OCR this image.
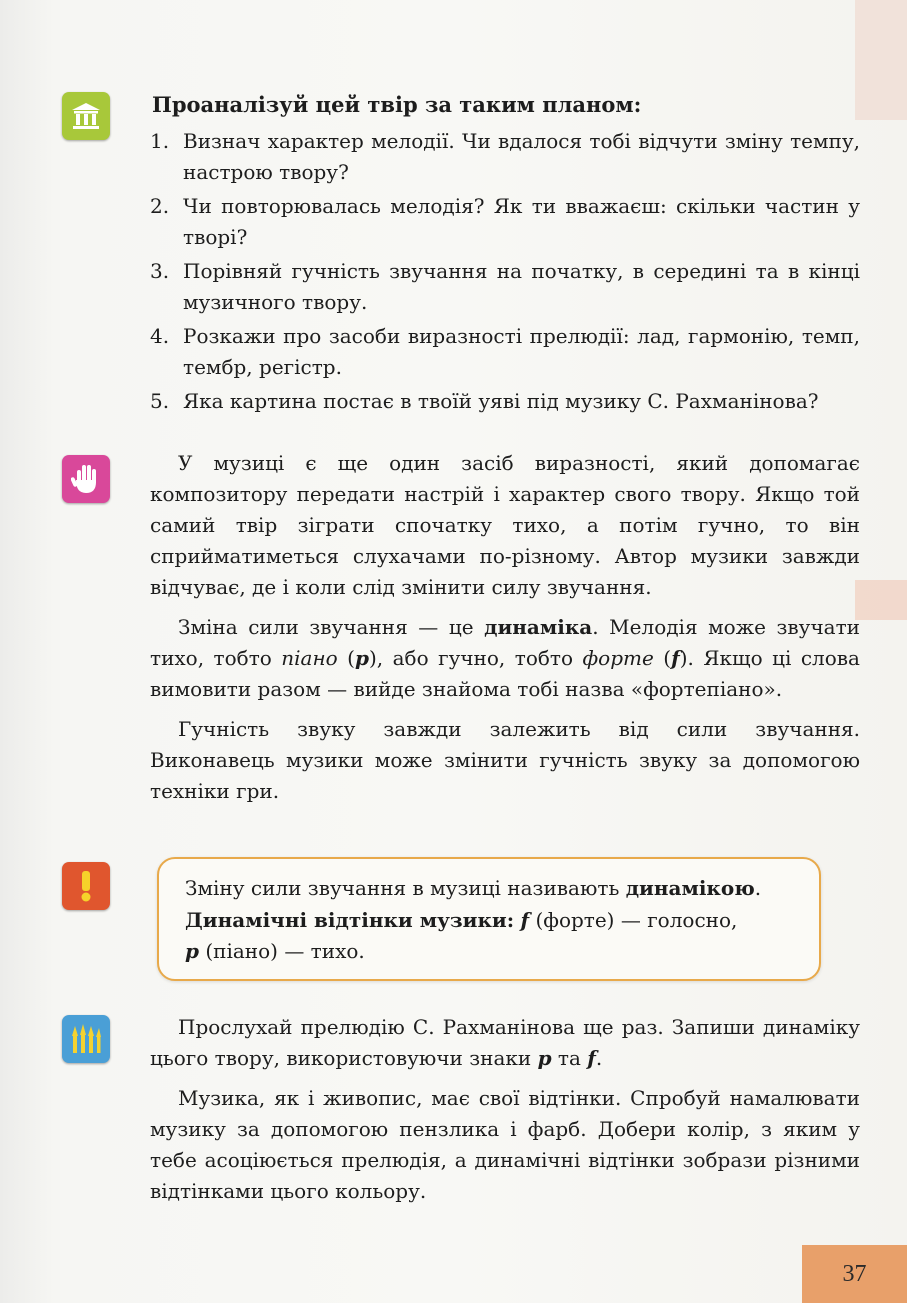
Проаналізуй цей твір за таким планом:
1. Визнач характер мелодії. Чи вдалося тобі відчути зміну темпу, настрою твору?
2. Чи повторювалась мелодія? Як ти вважаєш: скільки частин у творі?
3. Порівняй гучність звучання на початку, в середині та в кінці музичного твору.
4. Розкажи про засоби виразності прелюдії: лад, гармонію, темп, тембр, регістр.
5. Яка картина постає в твоїй уяві під музику С. Рахманінова?

У музиці є ще один засіб виразності, який допомагає композитору передати настрій і характер свого твору. Якщо той самий твір зіграти спочатку тихо, а потім гучно, то він сприйматиметься слухачами по-різному. Автор музики завжди відчуває, де і коли слід змінити силу звучання.

Зміна сили звучання — це динаміка. Мелодія може звучати тихо, тобто піано (p), або гучно, тобто форте (f). Якщо ці слова вимовити разом — вийде знайома тобі назва «фортепіано».

Гучність звуку завжди залежить від сили звучання. Виконавець музики може змінити гучність звуку за допомогою техніки гри.

Зміну сили звучання в музиці називають динамікою.
Динамічні відтінки музики: f (форте) — голосно,
p (піано) — тихо.

Прослухай прелюдію С. Рахманінова ще раз. Запиши динаміку цього твору, використовуючи знаки p та f.

Музика, як і живопис, має свої відтінки. Спробуй намалювати музику за допомогою пензлика і фарб. Добери колір, з яким у тебе асоціюється прелюдія, а динамічні відтінки зобрази різними відтінками цього кольору.

37
